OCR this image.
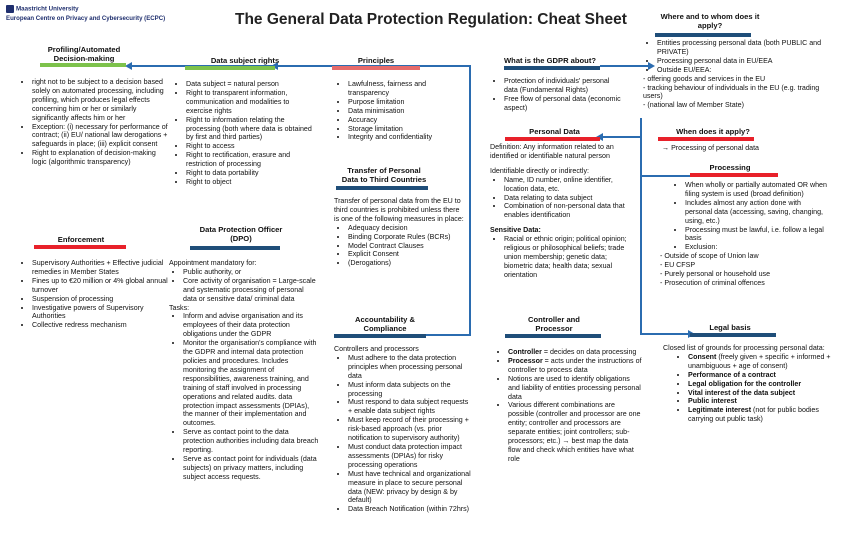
Maastricht University
European Centre on Privacy and Cybersecurity (ECPC)	The General Data Protection Regulation: Cheat Sheet
Profiling/Automated Decision-making
• right not to be subject to a decision based solely on automated processing, including profiling, which produces legal effects concerning him or her or similarly significantly affects him or her
• Exception: (i) necessary for performance of contract; (ii) EU/ national law derogations + safeguards in place; (iii) explicit consent
• Right to explanation of decision-making logic (algorithmic transparency)
Enforcement
• Supervisory Authorities + Effective judicial remedies in Member States
• Fines up to €20 million or 4% global annual turnover
• Suspension of processing
• Investigative powers of Supervisory Authorities
• Collective redress mechanism
Data subject rights
• Data subject = natural person
• Right to transparent information, communication and modalities to exercise rights
• Right to information relating the processing (both where data is obtained by first and third parties)
• Right to access
• Right to rectification, erasure and restriction of processing
• Right to data portability
• Right to object
Data Protection Officer (DPO)

Appointment mandatory for:

• Public authority, or
• Core activity of organisation = Large-scale and systematic processing of personal data or sensitive data/ criminal data

Tasks:

• Inform and advise organisation and its employees of their data protection obligations under the GDPR
• Monitor the organisation's compliance with the GDPR and internal data protection policies and procedures. Includes monitoring the assignment of responsibilities, awareness training, and training of staff involved in processing operations and related audits. data protection impact assessments (DPIAs), the manner of their implementation and outcomes.
• Serve as contact point to the data protection authorities including data breach reporting.
• Serve as contact point for individuals (data subjects) on privacy matters, including subject access requests.
Principles
• Lawfulness, fairness and transparency
• Purpose limitation
• Data minimisation
• Accuracy
• Storage limitation
• Integrity and confidentiality
Transfer of Personal Data to Third Countries

Transfer of personal data from the EU to third countries is prohibited unless there is one of the following measures in place:

• Adequacy decision
• Binding Corporate Rules (BCRs)
• Model Contract Clauses
• Explicit Consent
• (Derogations)
Accountability & Compliance

Controllers and processors

• Must adhere to the data protection principles when processing personal data
• Must inform data subjects on the processing
• Must respond to data subject requests + enable data subject rights
• Must keep record of their processing + risk-based approach (vs. prior notification to supervisory authority)
• Must conduct data protection impact assessments (DPIAs) for risky processing operations
• Must have technical and organizational measure in place to secure personal data (NEW: privacy by design & by default)
• Data Breach Notification (within 72hrs)
What is the GDPR about?
• Protection of individuals' personal data (Fundamental Rights)
• Free flow of personal data (economic aspect)
Personal Data

Definition: Any information related to an identified or identifiable natural person

Identifiable directly or indirectly:

• Name, ID number, online identifier, location data, etc.
• Data relating to data subject
• Combination of non-personal data that enables identification

Sensitive Data:

• Racial or ethnic origin; political opinion; religious or philosophical beliefs; trade union membership; genetic data; biometric data; health data; sexual orientation
Controller and Processor
• Controller = decides on data processing
• Processor = acts under the instructions of controller to process data
• Notions are used to identify obligations and liability of entities processing personal data
• Various different combinations are possible (controller and processor are one entity; controller and processors are separate entities; joint controllers; sub-processors; etc.) → best map the data flow and check which entities have what role
Where and to whom does it apply?
• Entities processing personal data (both PUBLIC and PRIVATE)
• Processing personal data in EU/EEA
• Outside EU/EEA:

- offering goods and services in the EU

- tracking behaviour of individuals in the EU (e.g. trading users)

- (national law of Member State)

When does it apply?
→ Processing of personal data
Processing
• When wholly or partially automated OR when filing system is used (broad definition)
• Includes almost any action done with personal data (accessing, saving, changing, using, etc.)
• Processing must be lawful, i.e. follow a legal basis
• Exclusion:

- Outside of scope of Union law

- EU CFSP

- Purely personal or household use

- Prosecution of criminal offences

Legal basis

Closed list of grounds for processing personal data:

• Consent (freely given + specific + informed + unambiguous + age of consent)
• Performance of a contract
• Legal obligation for the controller
• Vital interest of the data subject
• Public interest
• Legitimate interest (not for public bodies carrying out public task)
